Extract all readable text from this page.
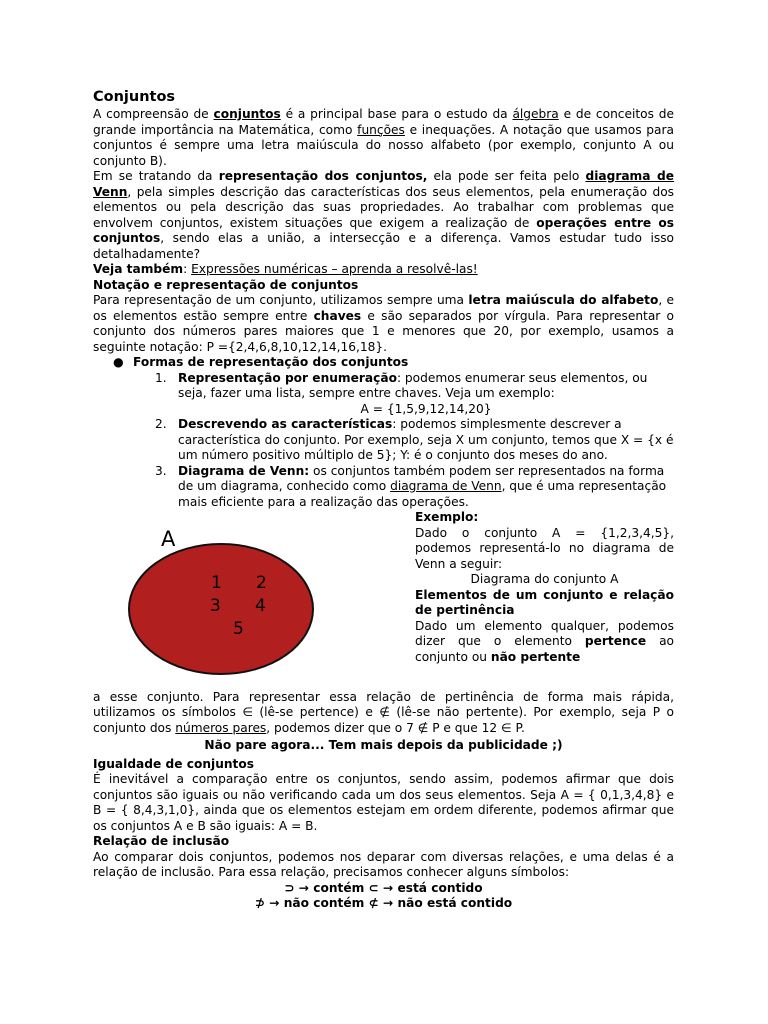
Conjuntos

A compreensão de conjuntos é a principal base para o estudo da álgebra e de conceitos de grande importância na Matemática, como funções e inequações. A notação que usamos para conjuntos é sempre uma letra maiúscula do nosso alfabeto (por exemplo, conjunto A ou conjunto B).

Em se tratando da representação dos conjuntos, ela pode ser feita pelo diagrama de Venn, pela simples descrição das características dos seus elementos, pela enumeração dos elementos ou pela descrição das suas propriedades. Ao trabalhar com problemas que envolvem conjuntos, existem situações que exigem a realização de operações entre os conjuntos, sendo elas a união, a intersecção e a diferença. Vamos estudar tudo isso detalhadamente?

Veja também: Expressões numéricas – aprenda a resolvê-las!

Notação e representação de conjuntos

Para representação de um conjunto, utilizamos sempre uma letra maiúscula do alfabeto, e os elementos estão sempre entre chaves e são separados por vírgula. Para representar o conjunto dos números pares maiores que 1 e menores que 20, por exemplo, usamos a seguinte notação: P ={2,4,6,8,10,12,14,16,18}.

● Formas de representação dos conjuntos
1. Representação por enumeração: podemos enumerar seus elementos, ou seja, fazer uma lista, sempre entre chaves. Veja um exemplo:
A = {1,5,9,12,14,20}
2. Descrevendo as características: podemos simplesmente descrever a característica do conjunto. Por exemplo, seja X um conjunto, temos que X = {x é um número positivo múltiplo de 5}; Y: é o conjunto dos meses do ano.
3. Diagrama de Venn: os conjuntos também podem ser representados na forma de um diagrama, conhecido como diagrama de Venn, que é uma representação mais eficiente para a realização das operações.
A
1 2
3 4
5
Exemplo:

Dado o conjunto A = {1,2,3,4,5}, podemos representá-lo no diagrama de Venn a seguir:

Diagrama do conjunto A
Elementos de um conjunto e relação de pertinência

Dado um elemento qualquer, podemos dizer que o elemento pertence ao conjunto ou não pertente

a esse conjunto. Para representar essa relação de pertinência de forma mais rápida, utilizamos os símbolos ∈ (lê-se pertence) e ∉ (lê-se não pertente). Por exemplo, seja P o conjunto dos números pares, podemos dizer que o 7 ∉ P e que 12 ∈ P.

Não pare agora... Tem mais depois da publicidade ;)
Igualdade de conjuntos

É inevitável a comparação entre os conjuntos, sendo assim, podemos afirmar que dois conjuntos são iguais ou não verificando cada um dos seus elementos. Seja A = { 0,1,3,4,8} e B = { 8,4,3,1,0}, ainda que os elementos estejam em ordem diferente, podemos afirmar que os conjuntos A e B são iguais: A = B.

Relação de inclusão

Ao comparar dois conjuntos, podemos nos deparar com diversas relações, e uma delas é a relação de inclusão. Para essa relação, precisamos conhecer alguns símbolos:

⊃ → contém ⊂ → está contido
⊅ → não contém ⊄ → não está contido
